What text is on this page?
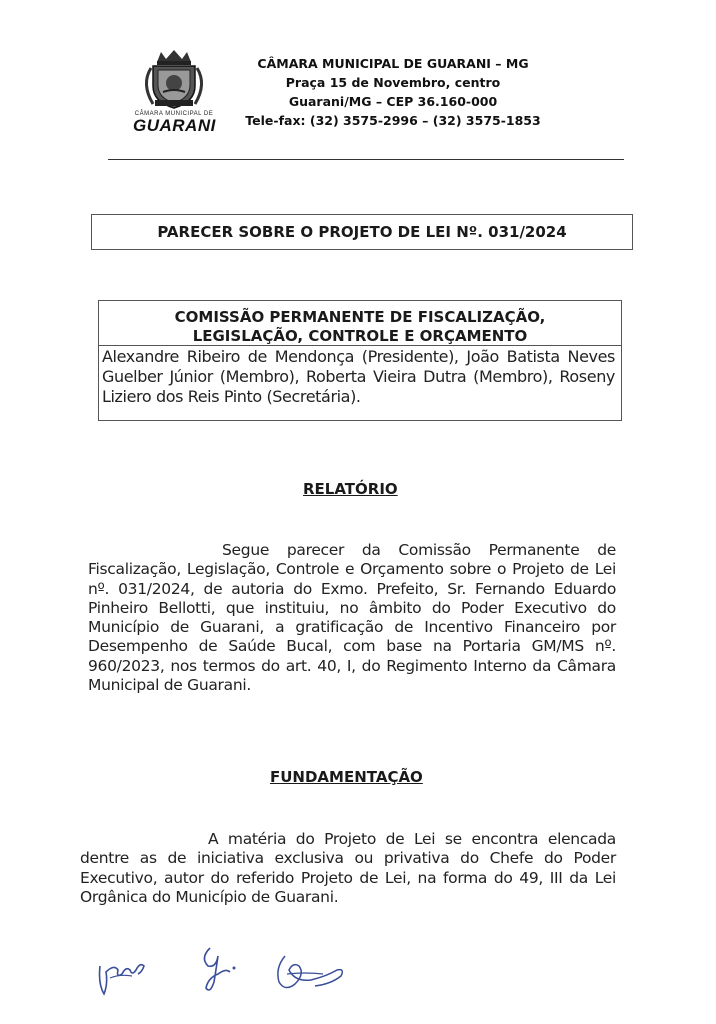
CÂMARA MUNICIPAL DE
GUARANI
CÂMARA MUNICIPAL DE GUARANI – MG
Praça 15 de Novembro, centro
Guarani/MG – CEP 36.160-000
Tele-fax: (32) 3575-2996 – (32) 3575-1853
PARECER SOBRE O PROJETO DE LEI Nº. 031/2024
COMISSÃO PERMANENTE DE FISCALIZAÇÃO,
LEGISLAÇÃO, CONTROLE E ORÇAMENTO
Alexandre Ribeiro de Mendonça (Presidente), João Batista Neves Guelber Júnior (Membro), Roberta Vieira Dutra (Membro), Roseny Liziero dos Reis Pinto (Secretária).
RELATÓRIO
Segue parecer da Comissão Permanente de Fiscalização, Legislação, Controle e Orçamento sobre o Projeto de Lei nº. 031/2024, de autoria do Exmo. Prefeito, Sr. Fernando Eduardo Pinheiro Bellotti, que instituiu, no âmbito do Poder Executivo do Município de Guarani, a gratificação de Incentivo Financeiro por Desempenho de Saúde Bucal, com base na Portaria GM/MS nº. 960/2023, nos termos do art. 40, I, do Regimento Interno da Câmara Municipal de Guarani.
FUNDAMENTAÇÃO
A matéria do Projeto de Lei se encontra elencada dentre as de iniciativa exclusiva ou privativa do Chefe do Poder Executivo, autor do referido Projeto de Lei, na forma do 49, III da Lei Orgânica do Município de Guarani.
